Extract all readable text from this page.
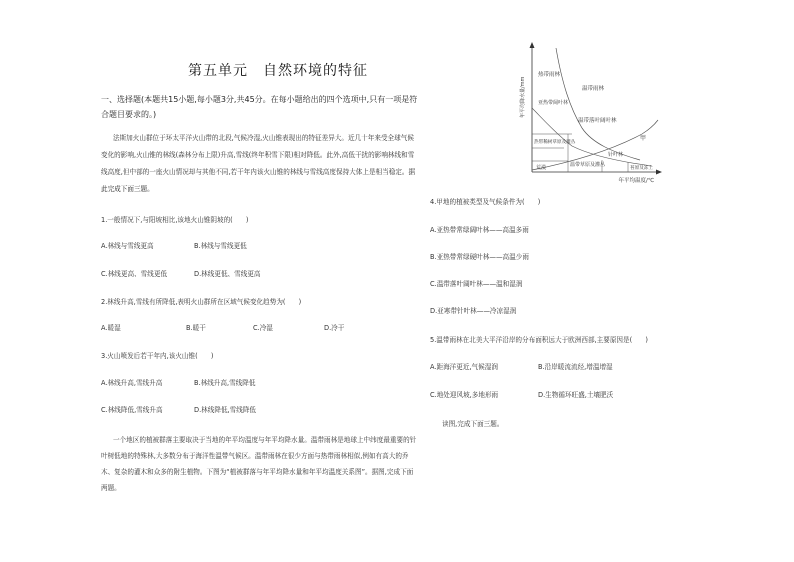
第五单元　自然环境的特征
一、选择题(本题共15小题,每小题3分,共45分。在每小题给出的四个选项中,只有一项是符合题目要求的。)
法斯加火山群位于环太平洋火山带的北段,气候冷湿,火山锥表现出的特征差异大。近几十年来受全球气候变化的影响,火山锥的林线(森林分布上限)升高,雪线(终年积雪下限)相对降低。此外,高低干扰的影响林线和雪线高度,但中部的一座火山情况却与其他不同,若干年内该火山锥的林线与雪线高度保持大体上是相当稳定。据此完成下面三题。
1.一般情况下,与阳坡相比,该地火山锥阴坡的(　　)
A.林线与雪线更高	B.林线与雪线更低
C.林线更高、雪线更低	D.林线更低、雪线更高
2.林线升高,雪线有所降低,表明火山群所在区域气候变化趋势为(　　)
A.暖湿	B.暖干	C.冷湿	D.冷干
3.火山喷发后若干年内,该火山锥(　　)
A.林线升高,雪线升高	B.林线升高,雪线降低
C.林线降低,雪线升高	D.林线降低,雪线降低
一个地区的植被群落主要取决于当地的年平均温度与年平均降水量。温带雨林是地球上中纬度最重要的针叶树低地的特殊林,大多数分布于海洋性温带气候区。温带雨林在很少方面与热带雨林相似,例如有高大的乔木、复杂的灌木和众多的附生植物。下图为“植被群落与年平均降水量和年平均温度关系图”。据图,完成下面两题。
年平均降水量/mm
年平均温度/℃
热带雨林
温带雨林
亚热带阔叶林
温带落叶阔叶林
热带稀树草原及灌丛
荒漠	温带草原及灌丛
针叶林
苔原及冻土
甲
4.甲地的植被类型及气候条件为(　　)
A.亚热带常绿阔叶林——高温多雨
B.亚热带常绿硬叶林——高温少雨
C.温带落叶阔叶林——温和湿润
D.亚寒带针叶林——冷凉湿润
5.温带雨林在北美大平洋沿岸的分布面积远大于欧洲西部,主要原因是(　　)
A.距海洋更近,气候湿润	B.沿岸暖流流经,增温增湿
C.地处迎风坡,多地形雨	D.生物循环旺盛,土壤肥沃
读图,完成下面三题。
